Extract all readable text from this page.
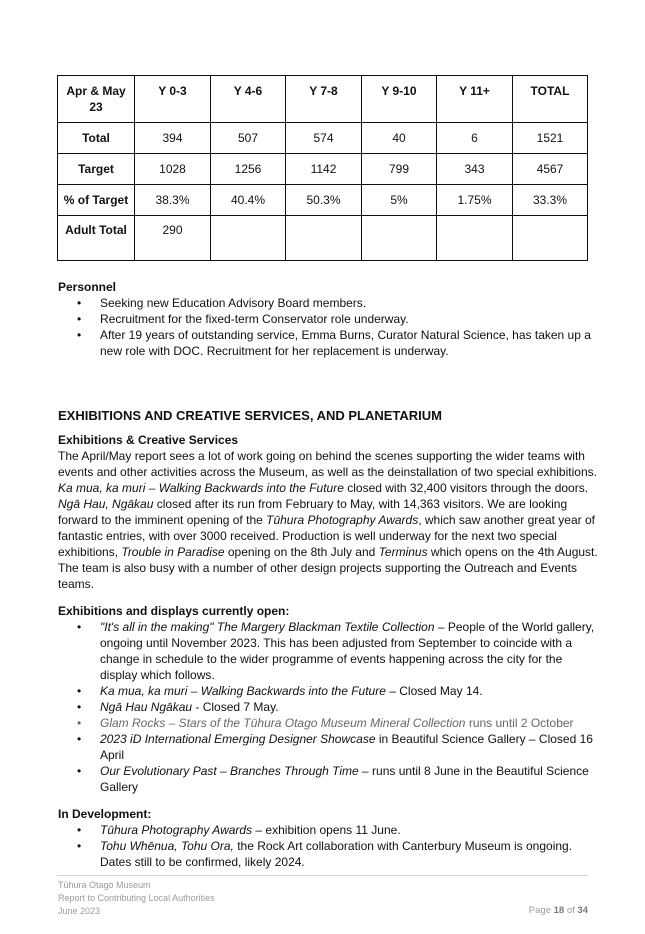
Apr & May 23	Y 0-3	Y 4-6	Y 7-8	Y 9-10	Y 11+	TOTAL
Total	394	507	574	40	6	1521
Target	1028	1256	1142	799	343	4567
% of Target	38.3%	40.4%	50.3%	5%	1.75%	33.3%
Adult Total	290					
Personnel
• Seeking new Education Advisory Board members.
• Recruitment for the fixed-term Conservator role underway.
• After 19 years of outstanding service, Emma Burns, Curator Natural Science, has taken up a new role with DOC. Recruitment for her replacement is underway.
EXHIBITIONS AND CREATIVE SERVICES, AND PLANETARIUM
Exhibitions & Creative Services
The April/May report sees a lot of work going on behind the scenes supporting the wider teams with events and other activities across the Museum, as well as the deinstallation of two special exhibitions. Ka mua, ka muri – Walking Backwards into the Future closed with 32,400 visitors through the doors. Ngā Hau, Ngākau closed after its run from February to May, with 14,363 visitors. We are looking forward to the imminent opening of the Tūhura Photography Awards, which saw another great year of fantastic entries, with over 3000 received. Production is well underway for the next two special exhibitions, Trouble in Paradise opening on the 8th July and Terminus which opens on the 4th August. The team is also busy with a number of other design projects supporting the Outreach and Events teams.
Exhibitions and displays currently open:
• "It's all in the making" The Margery Blackman Textile Collection – People of the World gallery, ongoing until November 2023. This has been adjusted from September to coincide with a change in schedule to the wider programme of events happening across the city for the display which follows.
• Ka mua, ka muri – Walking Backwards into the Future – Closed May 14.
• Ngā Hau Ngākau - Closed 7 May.
• Glam Rocks – Stars of the Tūhura Otago Museum Mineral Collection runs until 2 October
• 2023 iD International Emerging Designer Showcase in Beautiful Science Gallery – Closed 16 April
• Our Evolutionary Past – Branches Through Time – runs until 8 June in the Beautiful Science Gallery
In Development:
• Tūhura Photography Awards – exhibition opens 11 June.
• Tohu Whēnua, Tohu Ora, the Rock Art collaboration with Canterbury Museum is ongoing. Dates still to be confirmed, likely 2024.
Tūhura Otago Museum
Report to Contributing Local Authorities
June 2023	Page 18 of 34
